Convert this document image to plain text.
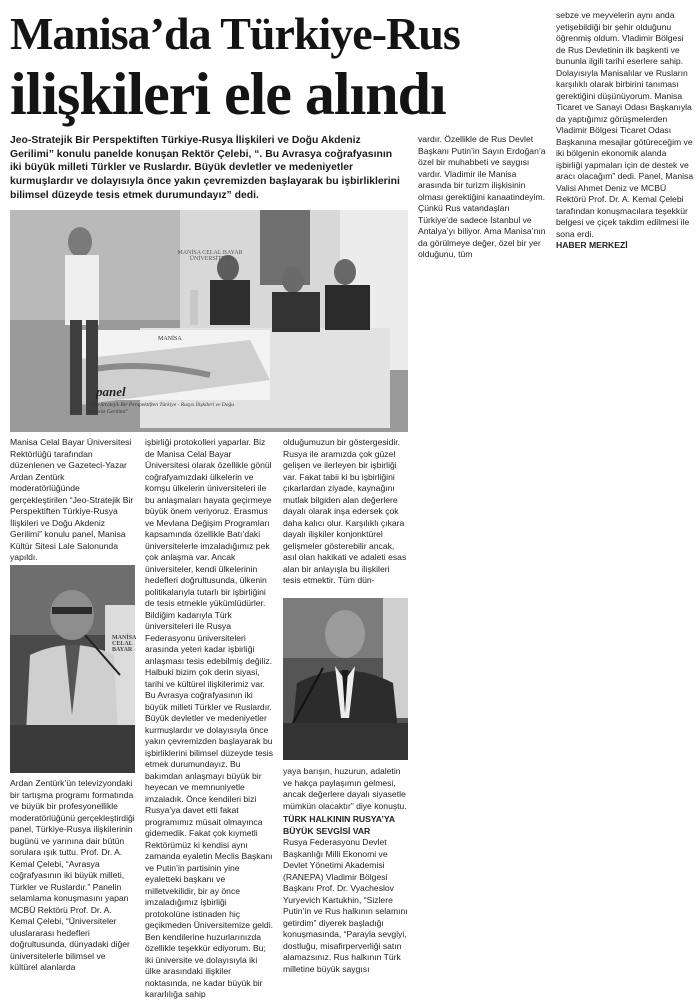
Manisa’da Türkiye-Rus
ilişkileri ele alındı
Jeo-Stratejik Bir Perspektiften Türkiye-Rusya İlişkileri ve Doğu Akdeniz Gerilimi” konulu panelde konuşan Rektör Çelebi, “. Bu Avrasya coğrafyasının iki büyük milleti Türkler ve Ruslardır. Büyük devletler ve medeniyetler kurmuşlardır ve dolayısıyla önce yakın çevremizden başlayarak bu işbirliklerini bilimsel düzeyde tesis etmek durumundayız” dedi.

vardır. Özellikle de Rus Devlet Başkanı Putin’in Sayın Erdoğan’a özel bir muhabbeti ve saygısı vardır. Vladimir ile Manisa arasında bir turizm ilişkisinin olması gerektiğini kanaatindeyim. Çünkü Rus vatandaşları Türkiye’de sadece İstanbul ve Antalya’yı biliyor. Ama Manisa’nın da görülmeye değer, özel bir yer olduğunu, tüm

sebze ve meyvelerin aynı anda yetişebildiği bir şehir olduğunu öğrenmiş oldum. Vladimir Bölgesi de Rus Devletinin ilk başkenti ve bununla ilgili tarihi eserlere sahip. Dolayısıyla Manisalılar ve Rusların karşılıklı olarak birbirini tanıması gerektiğini düşünüyorum. Manisa Ticaret ve Sanayi Odası Başkanıyla da yaptığımız görüşmelerden Vladimir Bölgesi Ticaret Odası Başkanına mesajlar götüreceğim ve iki bölgenin ekonomik alanda işbirliği yapmaları için de destek ve aracı olacağım” dedi. Panel, Manisa Valisi Ahmet Deniz ve MCBÜ Rektörü Prof. Dr. A. Kemal Çelebi tarafından konuşmacılara teşekkür belgesi ve çiçek takdim edilmesi ile sona erdi.

HABER MERKEZİ

MANİSA CELAL BAYAR ÜNİVERSİTESİ
MANİSA
panel
“Jeo-Stratejik Bir Perspektiften Türkiye - Rusya İlişkileri ve Doğu Akdeniz Gerilimi”

Manisa Celal Bayar Üniversitesi Rektörlüğü tarafından düzenlenen ve Gazeteci-Yazar Ardan Zentürk moderatörlüğünde gerçekleştirilen “Jeo-Stratejik Bir Perspektiften Türkiye-Rusya İlişkileri ve Doğu Akdeniz Gerilimi” konulu panel, Manisa Kültür Sitesi Lale Salonunda yapıldı.

MANİSA CELAL BAYAR

Ardan Zentürk’ün televizyondaki bir tartışma programı formatında ve büyük bir profesyonellikle moderatörlüğünü gerçekleştirdiği panel, Türkiye-Rusya ilişkilerinin bugünü ve yarınına dair bütün sorulara ışık tuttu. Prof. Dr. A. Kemal Çelebi, “Avrasya coğrafyasının iki büyük milleti, Türkler ve Ruslardır.” Panelin selamlama konuşmasını yapan MCBÜ Rektörü Prof. Dr. A. Kemal Çelebi, “Üniversiteler uluslararası hedefleri doğrultusunda, dünyadaki diğer üniversitelerle bilimsel ve kültürel alanlarda

işbirliği protokolleri yaparlar. Biz de Manisa Celal Bayar Üniversitesi olarak özellikle gönül coğrafyamızdaki ülkelerin ve komşu ülkelerin üniversiteleri ile bu anlaşmaları hayata geçirmeye büyük önem veriyoruz. Erasmus ve Mevlana Değişim Programları kapsamında özellikle Batı’daki üniversitelerle imzaladığımız pek çok anlaşma var. Ancak üniversiteler, kendi ülkelerinin hedefleri doğrultusunda, ülkenin politikalarıyla tutarlı bir işbirliğini de tesis etmekle yükümlüdürler. Bildiğim kadarıyla Türk üniversiteleri ile Rusya Federasyonu üniversiteleri arasında yeteri kadar işbirliği anlaşması tesis edebilmiş değiliz. Halbuki bizim çok derin siyasi, tarihi ve kültürel ilişkilerimiz var. Bu Avrasya coğrafyasının iki büyük milleti Türkler ve Ruslardır. Büyük devletler ve medeniyetler kurmuşlardır ve dolayısıyla önce yakın çevremizden başlayarak bu işbirliklerini bilimsel düzeyde tesis etmek durumundayız. Bu bakımdan anlaşmayı büyük bir heyecan ve memnuniyetle imzaladık. Önce kendileri bizi Rusya’ya davet etti fakat programımız müsait olmayınca gidemedik. Fakat çok kıymetli Rektörümüz ki kendisi aynı zamanda eyaletin Meclis Başkanı ve Putin’in partisinin yine eyaletteki başkanı ve milletvekilidir, bir ay önce imzaladığımız işbirliği protokolüne istinaden hiç geçikmeden Üniversitemize geldi. Ben kendilerine huzurlarınızda özellikle teşekkür ediyorum. Bu; iki üniversite ve dolayısıyla iki ülke arasındaki ilişkiler noktasında, ne kadar büyük bir kararlılığa sahip

olduğumuzun bir göstergesidir. Rusya ile aramızda çok güzel gelişen ve ilerleyen bir işbirliği var. Fakat tabii ki bu işbirliğini çıkarlardan ziyade, kaynağını mutlak bilgiden alan değerlere dayalı olarak inşa edersek çok daha kalıcı olur. Karşılıklı çıkara dayalı ilişkiler konjonktürel gelişmeler gösterebilir ancak, asıl olan hakikati ve adaleti esas alan bir anlayışla bu ilişkileri tesis etmektir. Tüm dün-

yaya barışın, huzurun, adaletin ve hakça paylaşımın gelmesi, ancak değerlere dayalı siyasetle mümkün olacaktır” diye konuştu.

TÜRK HALKININ RUSYA’YA BÜYÜK SEVGİSİ VAR

Rusya Federasyonu Devlet Başkanlığı Milli Ekonomi ve Devlet Yönetimi Akademisi (RANEPA) Vladimir Bölgesi Başkanı Prof. Dr. Vyacheslov Yuryevich Kartukhin, “Sizlere Putin’in ve Rus halkının selamını getirdim” diyerek başladığı konuşmasında, “Parayla sevgiyi, dostluğu, misafirperverliği satın alamazsınız. Rus halkının Türk milletine büyük saygısı
